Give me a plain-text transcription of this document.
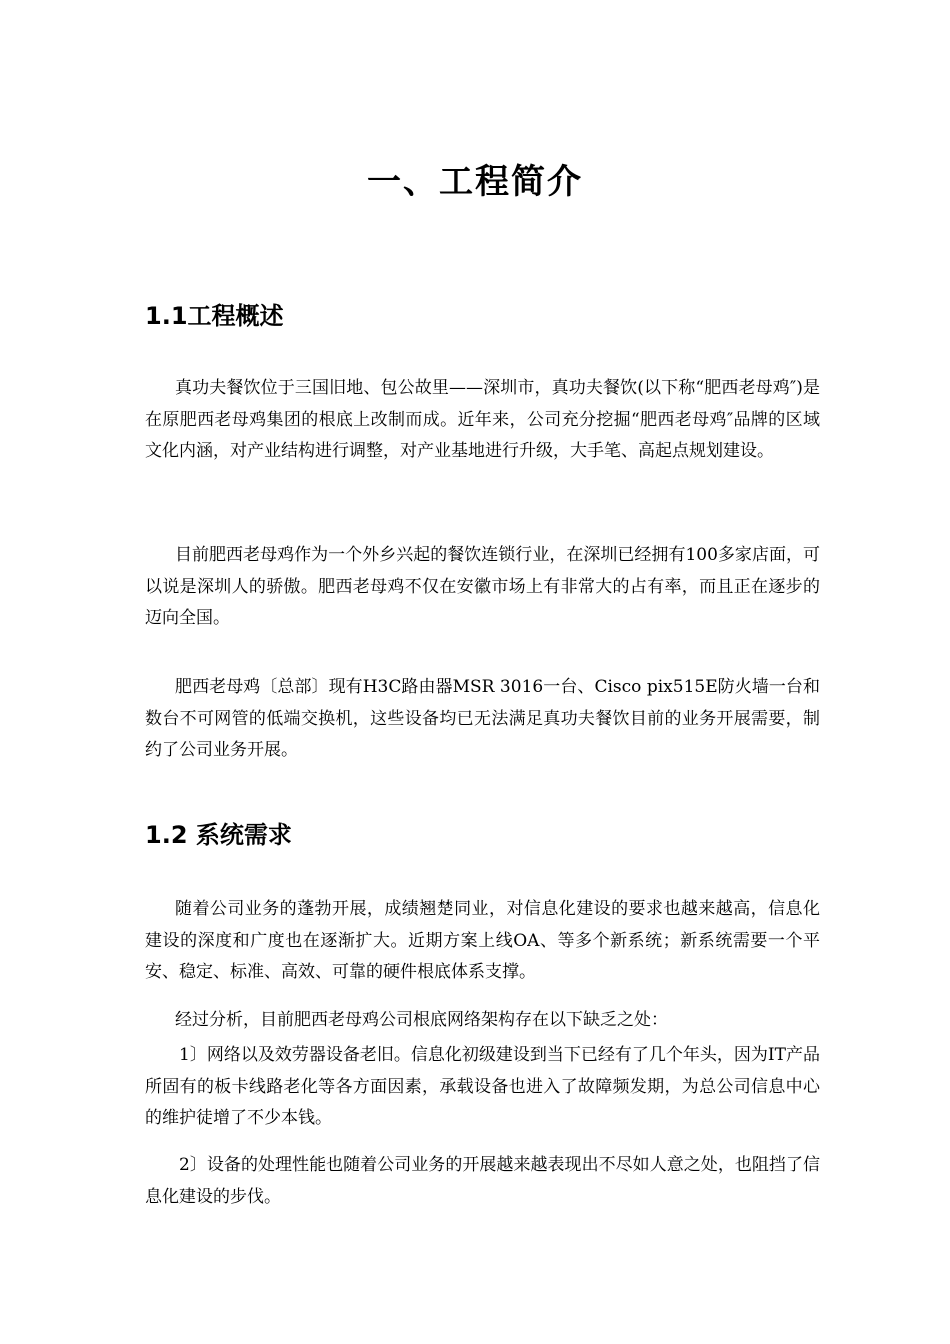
一、工程简介
1.1工程概述

真功夫餐饮位于三国旧地、包公故里——深圳市，真功夫餐饮(以下称“肥西老母鸡″)是在原肥西老母鸡集团的根底上改制而成。近年来，公司充分挖掘“肥西老母鸡″品牌的区域文化内涵，对产业结构进行调整，对产业基地进行升级，大手笔、高起点规划建设。

目前肥西老母鸡作为一个外乡兴起的餐饮连锁行业，在深圳已经拥有100多家店面，可以说是深圳人的骄傲。肥西老母鸡不仅在安徽市场上有非常大的占有率，而且正在逐步的迈向全国。

肥西老母鸡〔总部〕现有H3C路由器MSR 3016一台、Cisco pix515E防火墙一台和数台不可网管的低端交换机，这些设备均已无法满足真功夫餐饮目前的业务开展需要，制约了公司业务开展。

1.2 系统需求

随着公司业务的蓬勃开展，成绩翘楚同业，对信息化建设的要求也越来越高，信息化建设的深度和广度也在逐渐扩大。近期方案上线OA、等多个新系统；新系统需要一个平安、稳定、标准、高效、可靠的硬件根底体系支撑。

经过分析，目前肥西老母鸡公司根底网络架构存在以下缺乏之处：

1〕网络以及效劳器设备老旧。信息化初级建设到当下已经有了几个年头，因为IT产品所固有的板卡线路老化等各方面因素，承载设备也进入了故障频发期，为总公司信息中心的维护徒增了不少本钱。

2〕设备的处理性能也随着公司业务的开展越来越表现出不尽如人意之处，也阻挡了信息化建设的步伐。
